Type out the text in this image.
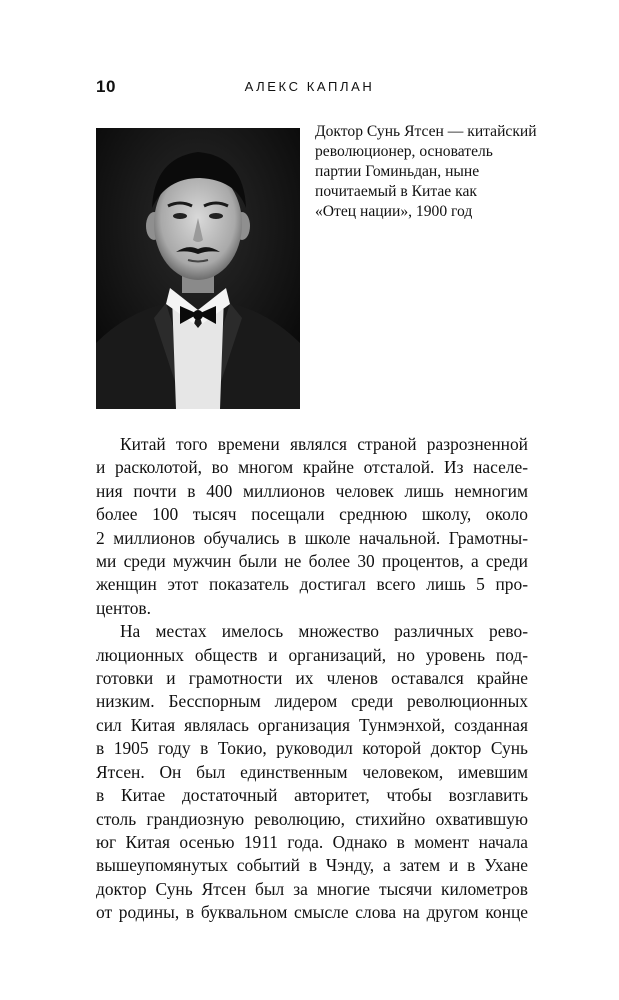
10	АЛЕКС КАПЛАН
Доктор Сунь Ятсен — китайский
революционер, основатель
партии Гоминьдан, ныне
почитаемый в Китае как
«Отец нации», 1900 год
Китай того времени являлся страной разрозненной
и расколотой, во многом крайне отсталой. Из населе-
ния почти в 400 миллионов человек лишь немногим
более 100 тысяч посещали среднюю школу, около
2 миллионов обучались в школе начальной. Грамотны-
ми среди мужчин были не более 30 процентов, а среди
женщин этот показатель достигал всего лишь 5 про-
центов.
На местах имелось множество различных рево-
люционных обществ и организаций, но уровень под-
готовки и грамотности их членов оставался крайне
низким. Бесспорным лидером среди революционных
сил Китая являлась организация Тунмэнхой, созданная
в 1905 году в Токио, руководил которой доктор Сунь
Ятсен. Он был единственным человеком, имевшим
в Китае достаточный авторитет, чтобы возглавить
столь грандиозную революцию, стихийно охватившую
юг Китая осенью 1911 года. Однако в момент начала
вышеупомянутых событий в Чэнду, а затем и в Ухане
доктор Сунь Ятсен был за многие тысячи километров
от родины, в буквальном смысле слова на другом конце
